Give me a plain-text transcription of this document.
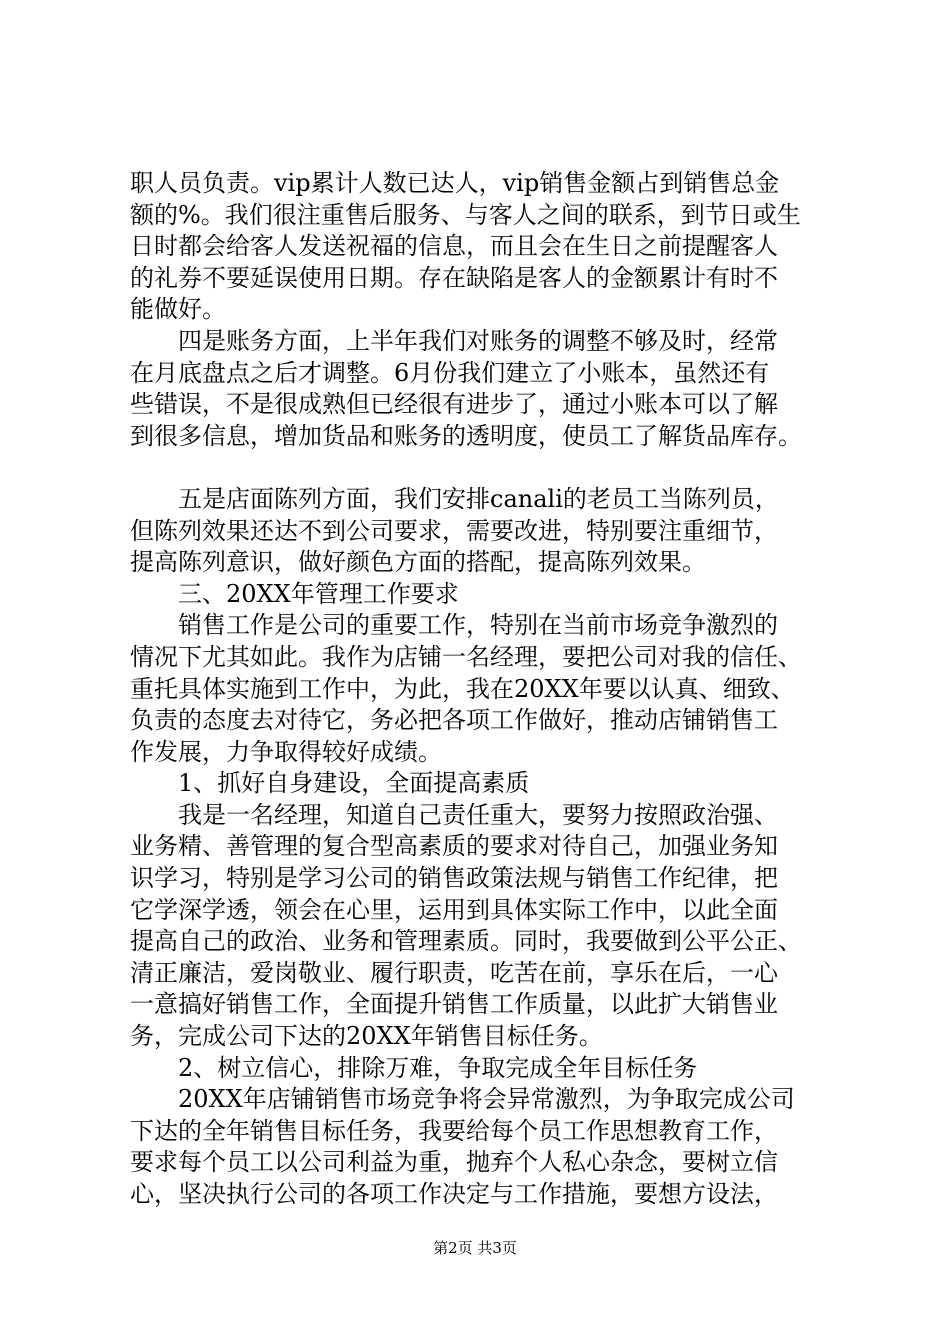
职人员负责。vip累计人数已达人，vip销售金额占到销售总金
额的%。我们很注重售后服务、与客人之间的联系，到节日或生
日时都会给客人发送祝福的信息，而且会在生日之前提醒客人
的礼券不要延误使用日期。存在缺陷是客人的金额累计有时不
能做好。
四是账务方面，上半年我们对账务的调整不够及时，经常
在月底盘点之后才调整。6月份我们建立了小账本，虽然还有
些错误，不是很成熟但已经很有进步了，通过小账本可以了解
到很多信息，增加货品和账务的透明度，使员工了解货品库存。
五是店面陈列方面，我们安排canali的老员工当陈列员，
但陈列效果还达不到公司要求，需要改进，特别要注重细节，
提高陈列意识，做好颜色方面的搭配，提高陈列效果。
三、20XX年管理工作要求
销售工作是公司的重要工作，特别在当前市场竞争激烈的
情况下尤其如此。我作为店铺一名经理，要把公司对我的信任、
重托具体实施到工作中，为此，我在20XX年要以认真、细致、
负责的态度去对待它，务必把各项工作做好，推动店铺销售工
作发展，力争取得较好成绩。
1、抓好自身建设，全面提高素质
我是一名经理，知道自己责任重大，要努力按照政治强、
业务精、善管理的复合型高素质的要求对待自己，加强业务知
识学习，特别是学习公司的销售政策法规与销售工作纪律，把
它学深学透，领会在心里，运用到具体实际工作中，以此全面
提高自己的政治、业务和管理素质。同时，我要做到公平公正、
清正廉洁，爱岗敬业、履行职责，吃苦在前，享乐在后，一心
一意搞好销售工作，全面提升销售工作质量，以此扩大销售业
务，完成公司下达的20XX年销售目标任务。
2、树立信心，排除万难，争取完成全年目标任务
20XX年店铺销售市场竞争将会异常激烈，为争取完成公司
下达的全年销售目标任务，我要给每个员工作思想教育工作，
要求每个员工以公司利益为重，抛弃个人私心杂念，要树立信
心，坚决执行公司的各项工作决定与工作措施，要想方设法，
第2页 共3页
